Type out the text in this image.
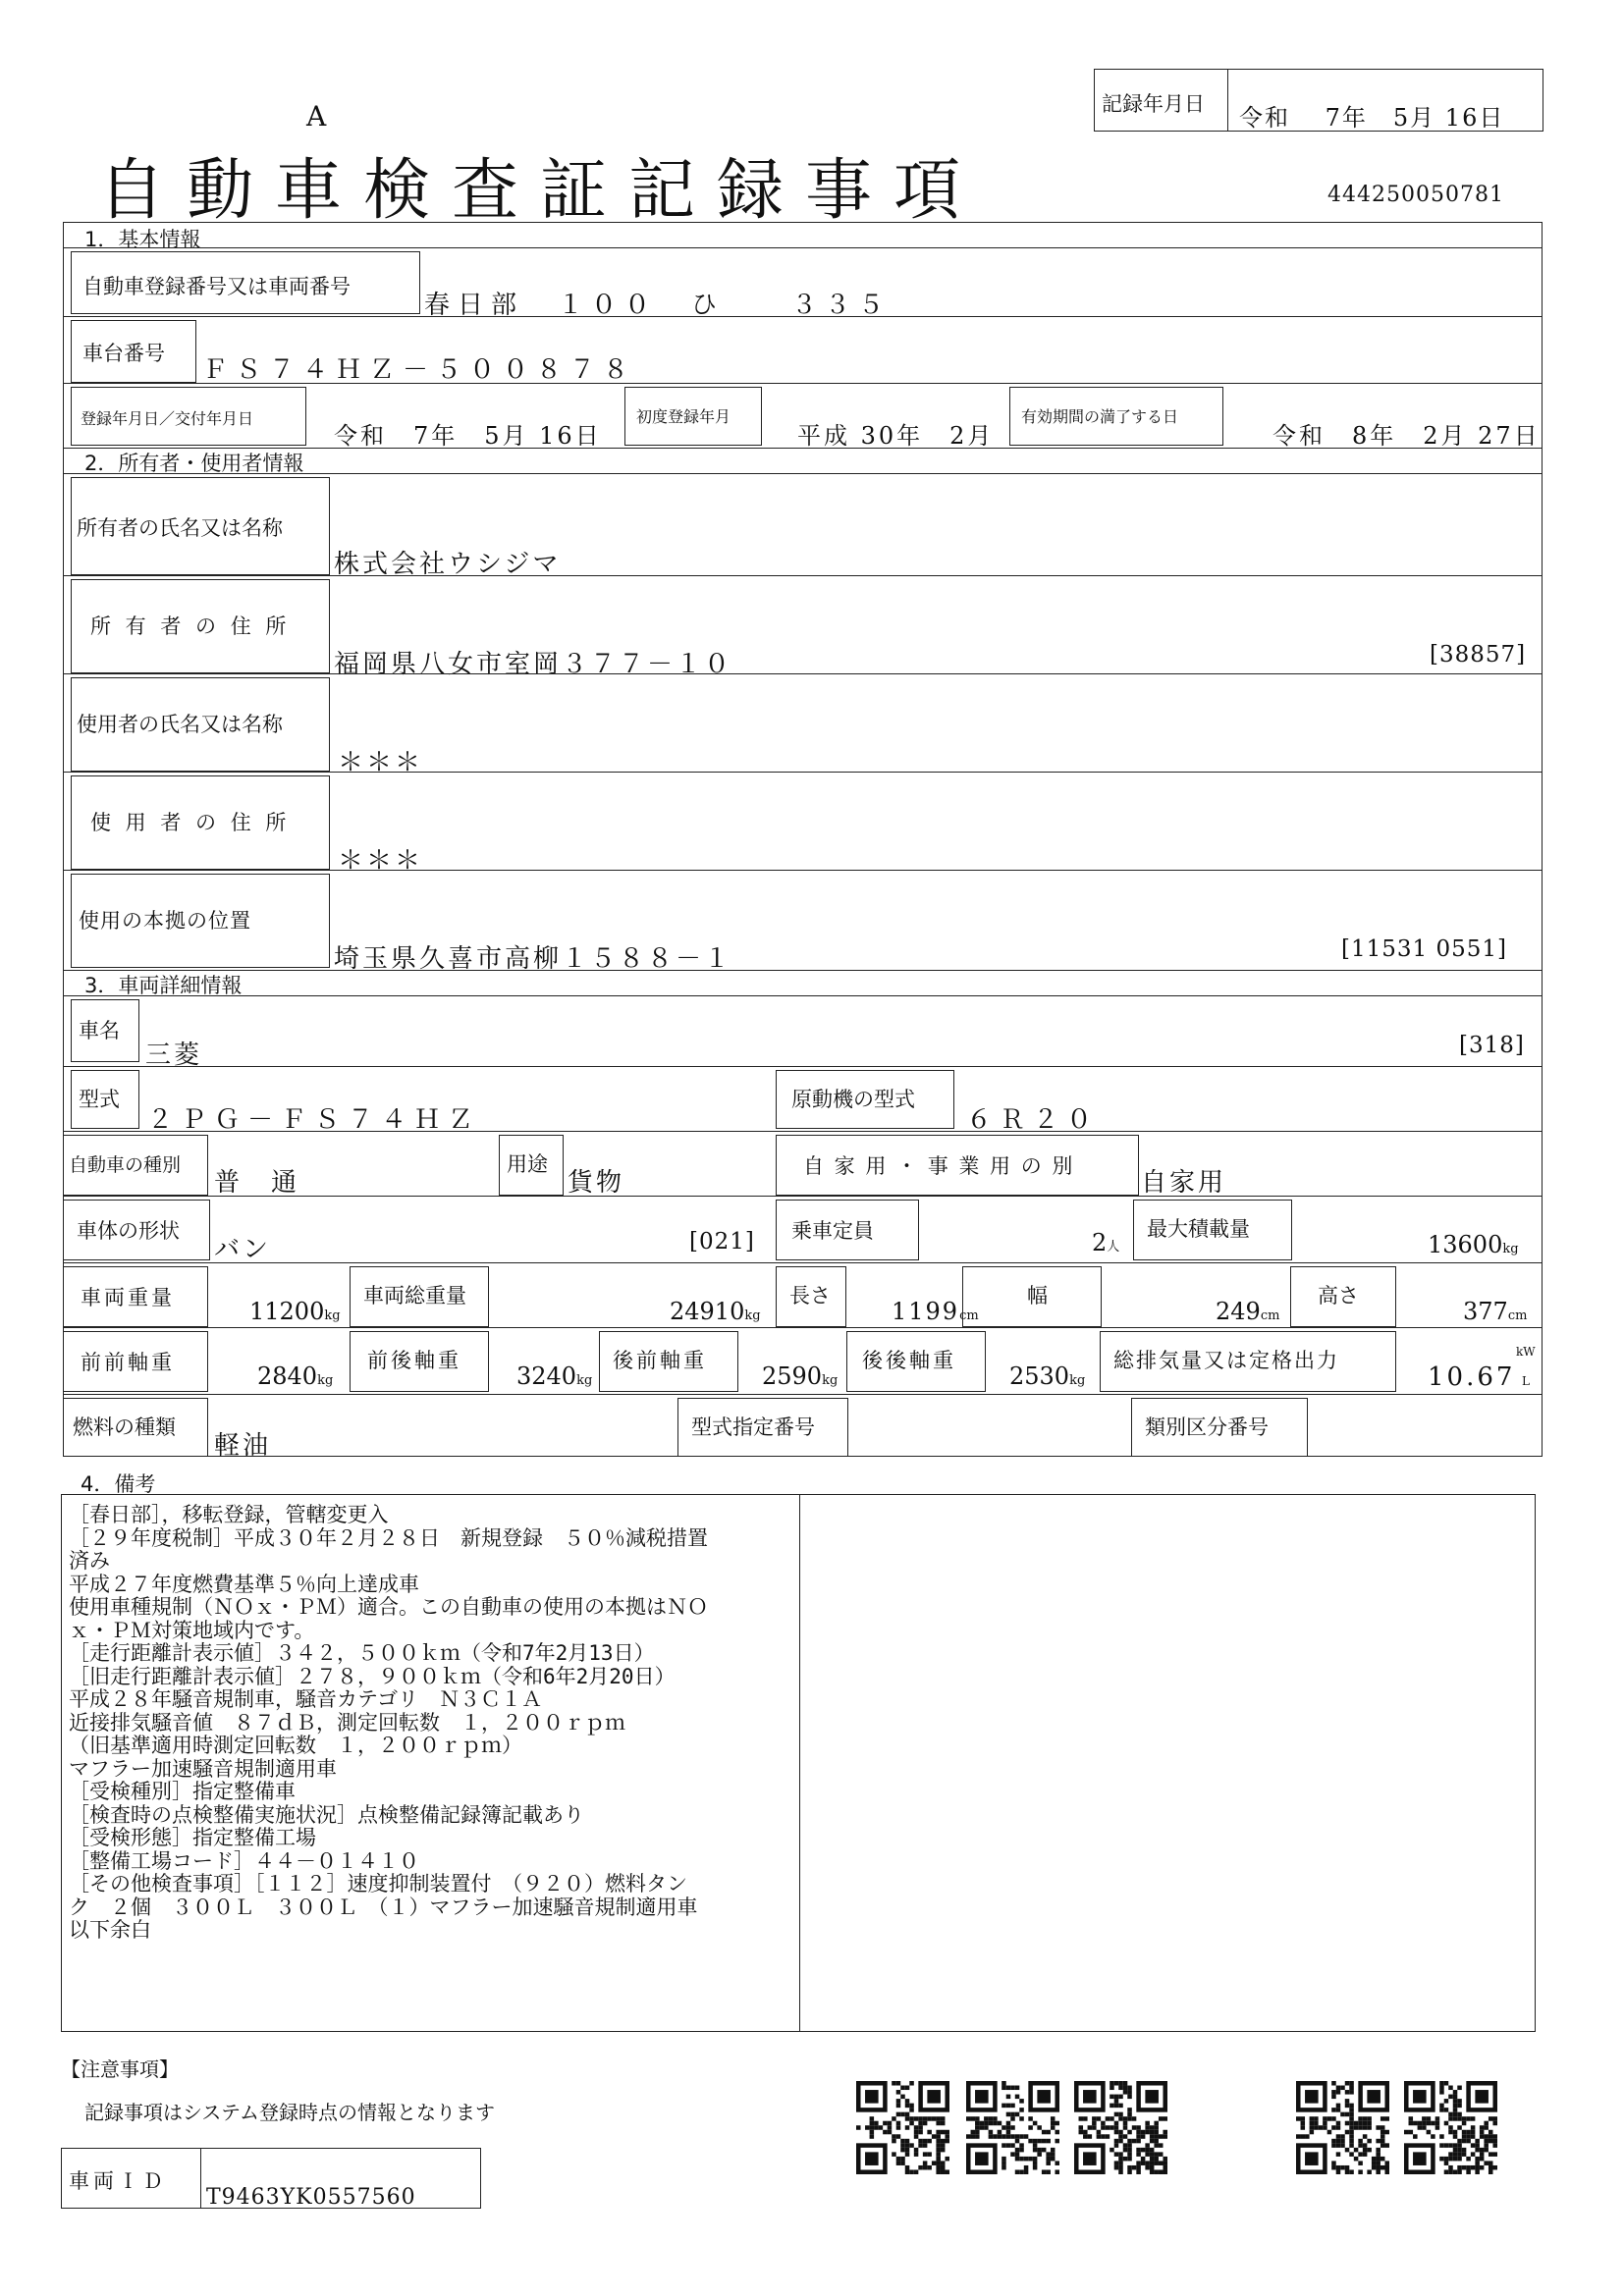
A
自動車検査証記録事項	444250050781
記録年月日 令和　 7年　5月 16日
1．基本情報
自動車登録番号又は車両番号
春日部　１００　ひ　　３３５
車台番号
ＦＳ７４ＨＺ－５００８７８
登録年月日／交付年月日
令和　7年　5月 16日
初度登録年月
平成 30年　2月
有効期間の満了する日
令和　8年　2月 27日
2．所有者・使用者情報
所有者の氏名又は名称
株式会社ウシジマ
所 有 者 の 住 所
福岡県八女市室岡３７７－１０	[38857]
使用者の氏名又は名称
＊＊＊
使 用 者 の 住 所
＊＊＊
使用の本拠の位置
埼玉県久喜市高柳１５８８－１	[11531 0551]
3．車両詳細情報
車名
三菱	[318]
型式
２ＰＧ－ＦＳ７４ＨＺ
原動機の型式
６Ｒ２０
自動車の種別
普　通
用途
貨物
自 家 用 ・ 事 業 用 の 別
自家用
車体の形状
バン	[021] 乗車定員	2人
最大積載量
13600kg
車両重量	11200kg
車両総重量
24910kg
長さ
1199cm
幅
249cm
高さ
377cm
前前軸重	2840kg
前後軸重
3240kg
後前軸重
2590kg
後後軸重
2530kg
総排気量又は定格出力
10.67
kW
L
燃料の種類
軽油
型式指定番号	類別区分番号
4．備考
［春日部］，移転登録，管轄変更入
［２９年度税制］平成３０年２月２８日　新規登録　５０％減税措置
済み
平成２７年度燃費基準５％向上達成車
使用車種規制（ＮＯｘ・ＰＭ）適合。この自動車の使用の本拠はＮＯ
ｘ・ＰＭ対策地域内です。
［走行距離計表示値］３４２，５００ｋｍ（令和7年2月13日）
［旧走行距離計表示値］２７８，９００ｋｍ（令和6年2月20日）
平成２８年騒音規制車，騒音カテゴリ　Ｎ３Ｃ１Ａ
近接排気騒音値　８７ｄＢ，測定回転数　１，２００ｒｐｍ
（旧基準適用時測定回転数　１，２００ｒｐｍ）
マフラー加速騒音規制適用車
［受検種別］指定整備車
［検査時の点検整備実施状況］点検整備記録簿記載あり
［受検形態］指定整備工場
［整備工場コード］４４－０１４１０
［その他検査事項］［１１２］速度抑制装置付　（９２０）燃料タン
ク　２個　３００Ｌ　３００Ｌ　（１）マフラー加速騒音規制適用車
以下余白
【注意事項】
記録事項はシステム登録時点の情報となります
車両ＩＤ
T9463YK0557560
